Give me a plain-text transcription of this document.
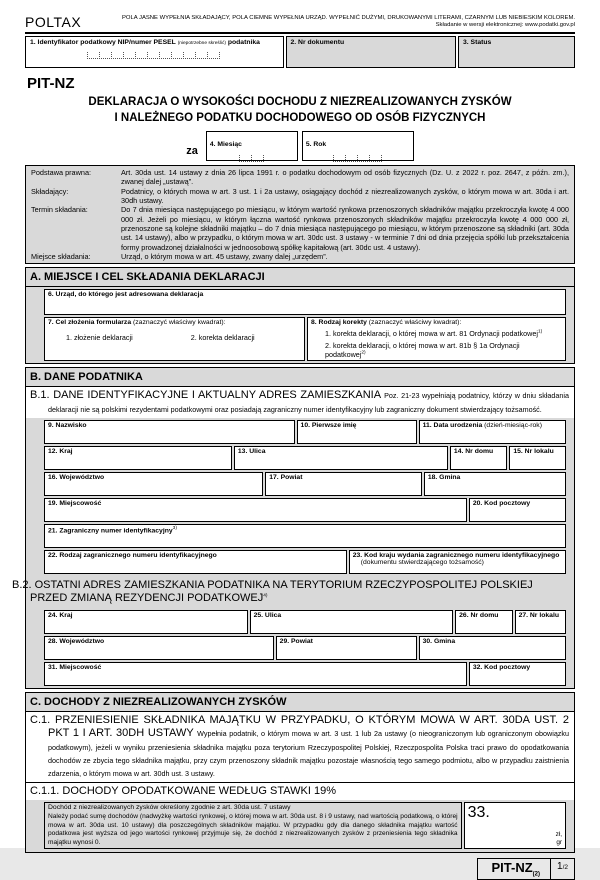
POLTAX	POLA JASNE WYPEŁNIA SKŁADAJĄCY, POLA CIEMNE WYPEŁNIA URZĄD. WYPEŁNIĆ DUŻYMI, DRUKOWANYMI LITERAMI, CZARNYM LUB NIEBIESKIM KOLOREM.
Składanie w wersji elektronicznej: www.podatki.gov.pl
1. Identyfikator podatkowy NIP/numer PESEL (niepotrzebne skreślić) podatnika	2. Nr dokumentu	3. Status
PIT-NZ
DEKLARACJA O WYSOKOŚCI DOCHODU Z NIEZREALIZOWANYCH ZYSKÓW
I NALEŻNEGO PODATKU DOCHODOWEGO OD OSÓB FIZYCZNYCH
za
4. Miesiąc	5. Rok
Podstawa prawna:	Art. 30da ust. 14 ustawy z dnia 26 lipca 1991 r. o podatku dochodowym od osób fizycznych (Dz. U. z 2022 r. poz. 2647, z późn. zm.), zwanej dalej „ustawą”.
Składający:	Podatnicy, o których mowa w art. 3 ust. 1 i 2a ustawy, osiągający dochód z niezrealizowanych zysków, o którym mowa w art. 30da i art. 30dh ustawy.
Termin składania:	Do 7 dnia miesiąca następującego po miesiącu, w którym wartość rynkowa przenoszonych składników majątku przekroczyła kwotę 4 000 000 zł. Jeżeli po miesiącu, w którym łączna wartość rynkowa przenoszonych składników majątku przekroczyła kwotę 4 000 000 zł, przenoszone są kolejne składniki majątku – do 7 dnia miesiąca następującego po miesiącu, w którym przenoszone są składniki (art. 30da ust. 14 ustawy), albo w przypadku, o którym mowa w art. 30dc ust. 3 ustawy - w terminie 7 dni od dnia przejęcia spółki lub przekształcenia formy prowadzonej działalności w jednoosobową spółkę kapitałową (art. 30dc ust. 4 ustawy).
Miejsce składania:	Urząd, o którym mowa w art. 45 ustawy, zwany dalej „urzędem”.
A. MIEJSCE I CEL SKŁADANIA DEKLARACJI
6. Urząd, do którego jest adresowana deklaracja
7. Cel złożenia formularza (zaznaczyć właściwy kwadrat):
1. złożenie deklaracji	2. korekta deklaracji
8. Rodzaj korekty (zaznaczyć właściwy kwadrat):
1. korekta deklaracji, o której mowa w art. 81 Ordynacji podatkowej$^{1)}$
2. korekta deklaracji, o której mowa w art. 81b § 1a Ordynacji podatkowej$^{2)}$
B. DANE PODATNIKA
B.1. DANE IDENTYFIKACYJNE I AKTUALNY ADRES ZAMIESZKANIA Poz. 21-23 wypełniają podatnicy, którzy w dniu składania deklaracji nie są polskimi rezydentami podatkowymi oraz posiadają zagraniczny numer identyfikacyjny lub zagraniczny dokument stwierdzający tożsamość.
9. Nazwisko	10. Pierwsze imię	11. Data urodzenia (dzień-miesiąc-rok)
12. Kraj	13. Ulica	14. Nr domu	15. Nr lokalu
16. Województwo	17. Powiat	18. Gmina
19. Miejscowość	20. Kod pocztowy
21. Zagraniczny numer identyfikacyjny$^{3)}$
22. Rodzaj zagranicznego numeru identyfikacyjnego	23. Kod kraju wydania zagranicznego numeru identyfikacyjnego
(dokumentu stwierdzającego tożsamość)
B.2. OSTATNI ADRES ZAMIESZKANIA PODATNIKA NA TERYTORIUM RZECZYPOSPOLITEJ POLSKIEJ PRZED ZMIANĄ REZYDENCJI PODATKOWEJ$^{4)}$
24. Kraj	25. Ulica	26. Nr domu	27. Nr lokalu
28. Województwo	29. Powiat	30. Gmina
31. Miejscowość	32. Kod pocztowy
C. DOCHODY Z NIEZREALIZOWANYCH ZYSKÓW
C.1. PRZENIESIENIE SKŁADNIKA MAJĄTKU W PRZYPADKU, O KTÓRYM MOWA W ART. 30DA UST. 2 PKT 1 I ART. 30DH USTAWY Wypełnia podatnik, o którym mowa w art. 3 ust. 1 lub 2a ustawy (o nieograniczonym lub ograniczonym obowiązku podatkowym), jeżeli w wyniku przeniesienia składnika majątku poza terytorium Rzeczypospolitej Polskiej, Rzeczpospolita Polska traci prawo do opodatkowania dochodów ze zbycia tego składnika majątku, przy czym przenoszony składnik majątku pozostaje własnością tego samego podmiotu, albo w przypadku zaistnienia zdarzenia, o którym mowa w art. 30dh ust. 3 ustawy.
C.1.1. DOCHODY OPODATKOWANE WEDŁUG STAWKI 19%
Dochód z niezrealizowanych zysków określony zgodnie z art. 30da ust. 7 ustawy
Należy podać sumę dochodów (nadwyżkę wartości rynkowej, o której mowa w art. 30da ust. 8 i 9 ustawy, nad wartością podatkową, o której mowa w art. 30da ust. 10 ustawy) dla poszczególnych składników majątku. W przypadku gdy dla danego składnika majątku wartość podatkowa jest wyższa od jego wartości rynkowej przyjmuje się, że dochód z niezrealizowanych zysków z przeniesienia tego składnika majątku wynosi 0.
33.
zł,
gr
PIT-$NZ_{(2)}$
1 /2
